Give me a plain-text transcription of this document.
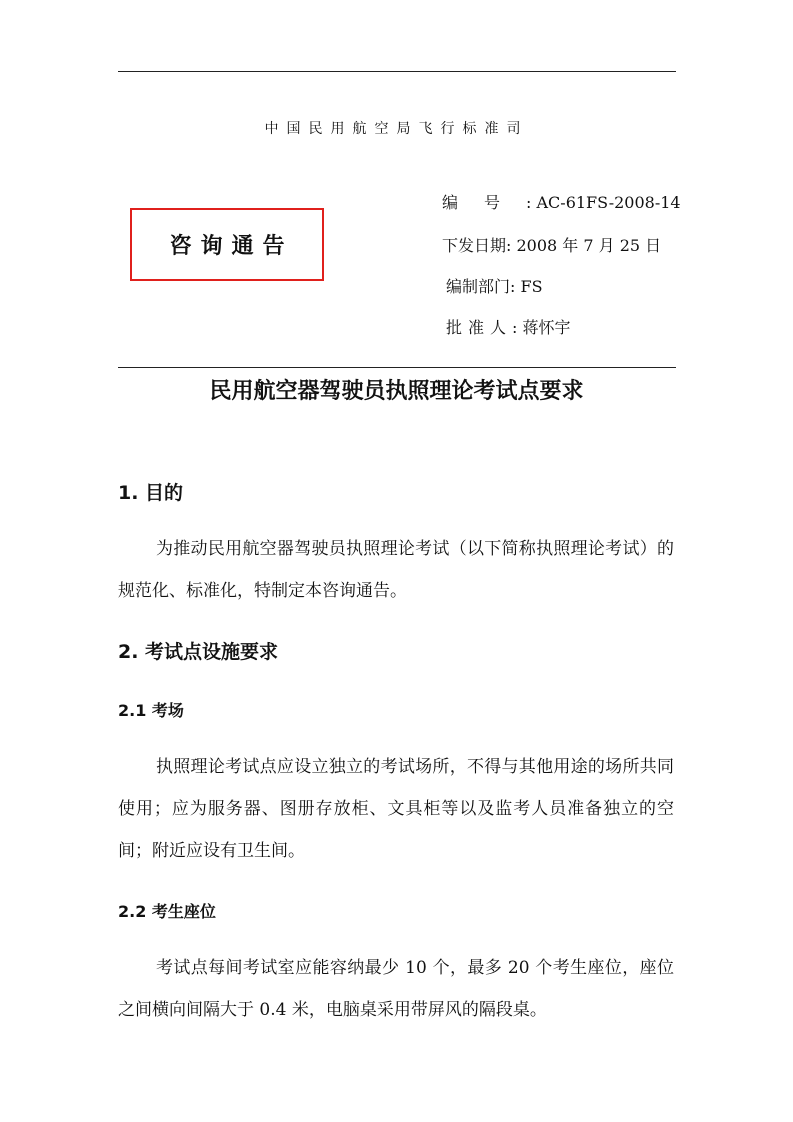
中国民用航空局飞行标准司
咨询通告
编号: AC-61FS-2008-14
下发日期: 2008 年 7 月 25 日
编制部门: FS
批准人: 蒋怀宇
民用航空器驾驶员执照理论考试点要求
1. 目的
为推动民用航空器驾驶员执照理论考试（以下简称执照理论考试）的规范化、标准化，特制定本咨询通告。
2. 考试点设施要求
2.1 考场
执照理论考试点应设立独立的考试场所，不得与其他用途的场所共同使用；应为服务器、图册存放柜、文具柜等以及监考人员准备独立的空间；附近应设有卫生间。
2.2 考生座位
考试点每间考试室应能容纳最少 10 个，最多 20 个考生座位，座位之间横向间隔大于 0.4 米，电脑桌采用带屏风的隔段桌。
